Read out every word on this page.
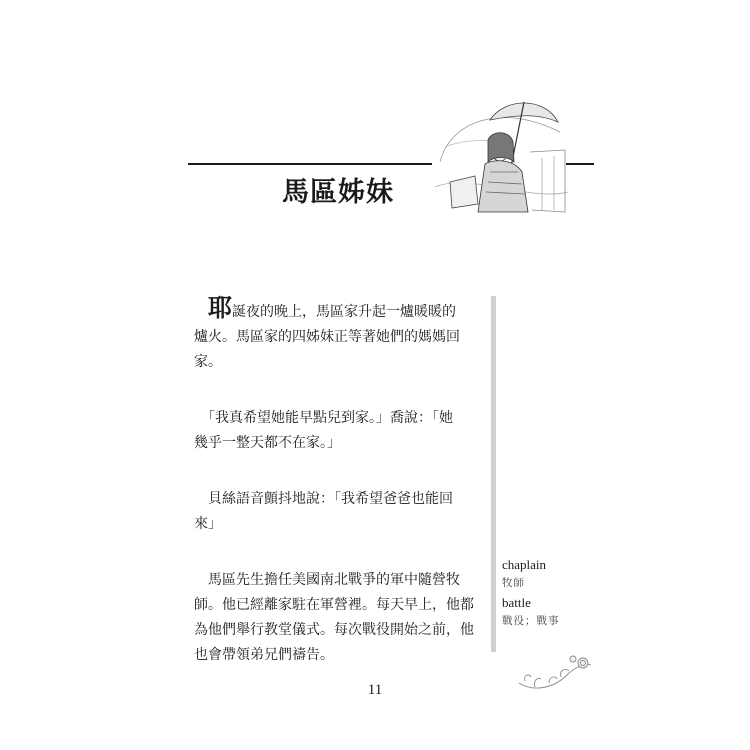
馬區姊妹

耶誕夜的晚上，馬區家升起一爐暖暖的
爐火。馬區家的四姊妹正等著她們的媽媽回
家。

　「我真希望她能早點兒到家。」喬說：「她
幾乎一整天都不在家。」

　貝絲語音顫抖地說：「我希望爸爸也能回
來」

　馬區先生擔任美國南北戰爭的軍中隨營牧
師。他已經離家駐在軍營裡。每天早上，他都
為他們舉行教堂儀式。每次戰役開始之前，他
也會帶領弟兄們禱告。

chaplain
牧師
battle
戰役；戰事
11
